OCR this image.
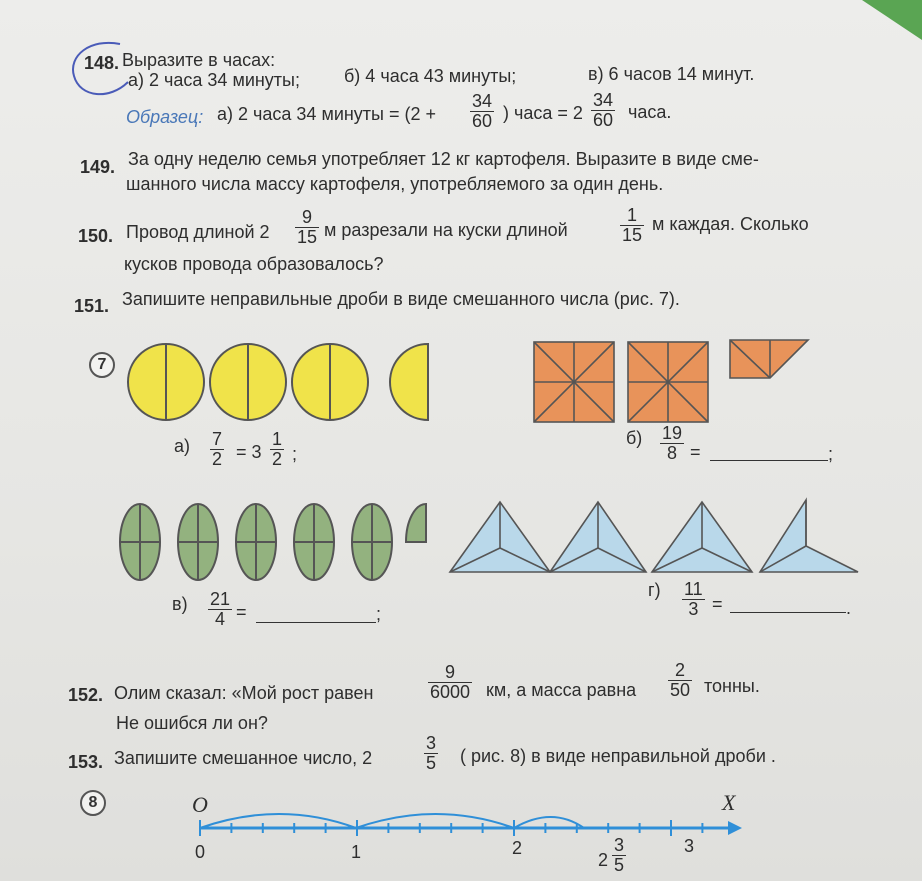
148. Выразите в часах:
а) 2 часа 34 минуты; б) 4 часа 43 минуты;	в) 6 часов 14 минут.
Образец: а) 2 часа 34 минуты = ($2 + \frac{34}{60}$ ) часа = $2 \frac{34}{60}$ часа.
149. За одну неделю семья употребляет 12 кг картофеля. Выразите в виде сме-
шанного числа массу картофеля, употребляемого за один день.
150. Провод длиной $2 \frac{9}{15}$ м разрезали на куски длиной	$\frac{1}{15}$ м каждая. Сколько
кусков провода образовалось?
151. Запишите неправильные дроби в виде смешанного числа (рис. 7).
7
$а) \frac{7}{2} = 3 \frac{1}{2}$ ;
$б) \frac{19}{8}$ =	;
$в) \frac{21}{4}$ =	;
$г) \frac{11}{3}$ =	.
152. Олим сказал: «Мой рост равен	$\frac{9}{6000}$ км, а масса равна $\frac{2}{50}$ тонны.
Не ошибся ли он?
153. Запишите смешанное число, 2	$\frac{3}{5}$ ( рис. 8) в виде неправильной дроби .
8	O	X
0	1	2	3
$2 \frac{3}{5}$
